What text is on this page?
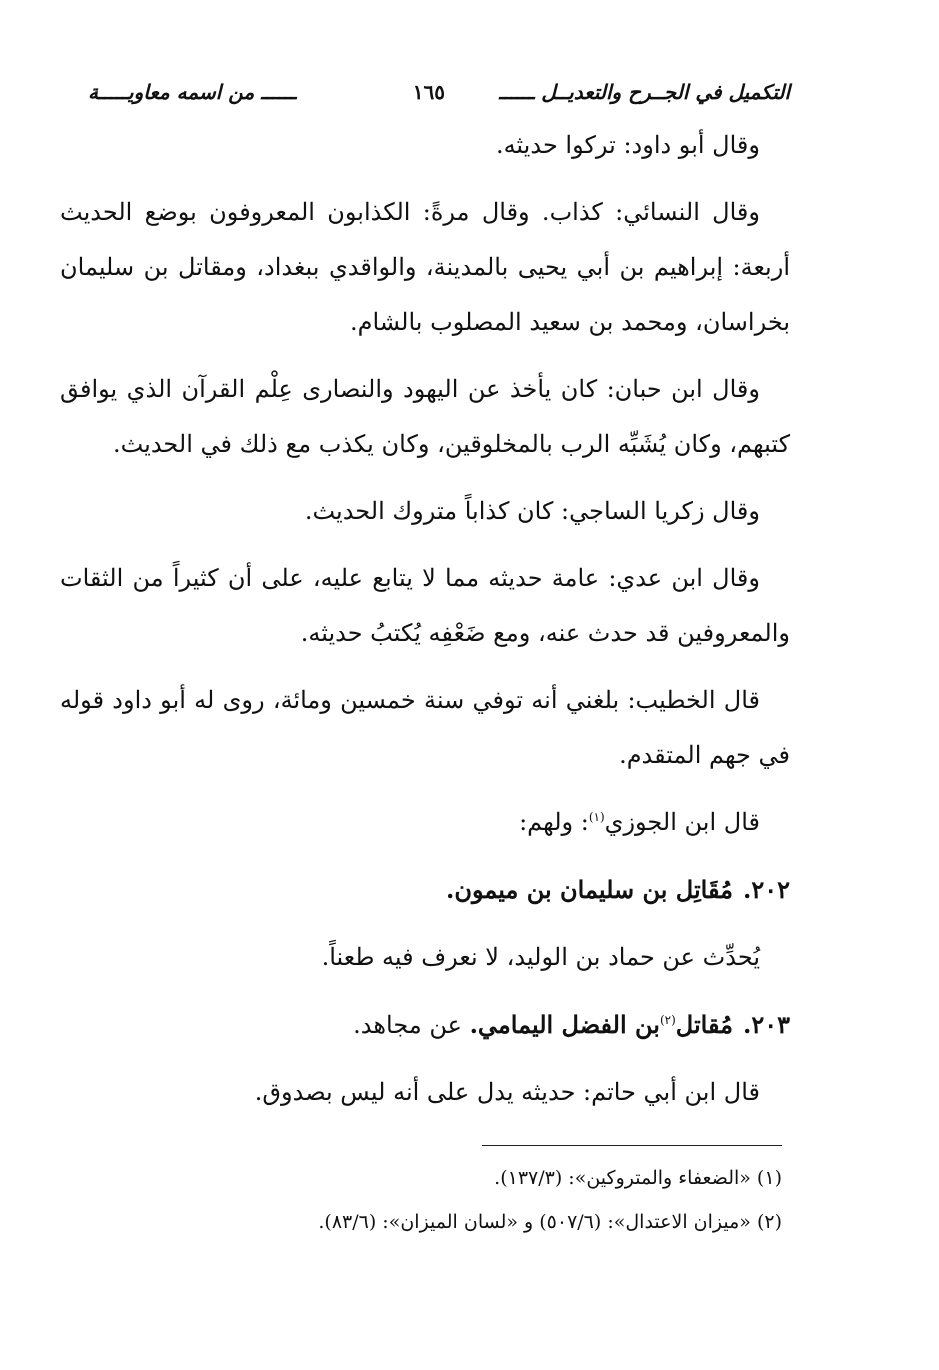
التكميل في الجــرح والتعديــل ــــــ
١٦٥
ــــــ من اسمه معاويـــــة

وقال أبو داود: تركوا حديثه.

وقال النسائي: كذاب. وقال مرةً: الكذابون المعروفون بوضع الحديث أربعة: إبراهيم بن أبي يحيى بالمدينة، والواقدي ببغداد، ومقاتل بن سليمان بخراسان، ومحمد بن سعيد المصلوب بالشام.

وقال ابن حبان: كان يأخذ عن اليهود والنصارى عِلْم القرآن الذي يوافق كتبهم، وكان يُشَبِّه الرب بالمخلوقين، وكان يكذب مع ذلك في الحديث.

وقال زكريا الساجي: كان كذاباً متروك الحديث.

وقال ابن عدي: عامة حديثه مما لا يتابع عليه، على أن كثيراً من الثقات والمعروفين قد حدث عنه، ومع ضَعْفِه يُكتبُ حديثه.

قال الخطيب: بلغني أنه توفي سنة خمسين ومائة، روى له أبو داود قوله في جهم المتقدم.

قال ابن الجوزي$^{(١)}$: ولهم:

٢٠٢.مُقَاتِل بن سليمان بن ميمون.

يُحدِّث عن حماد بن الوليد، لا نعرف فيه طعناً.

٢٠٣.مُقاتل$^{(٢)}$بن الفضل اليمامي. عن مجاهد.

قال ابن أبي حاتم: حديثه يدل على أنه ليس بصدوق.

(١) «الضعفاء والمتروكين»: (١٣٧/٣).
(٢) «ميزان الاعتدال»: (٥٠٧/٦) و «لسان الميزان»: (٨٣/٦).
